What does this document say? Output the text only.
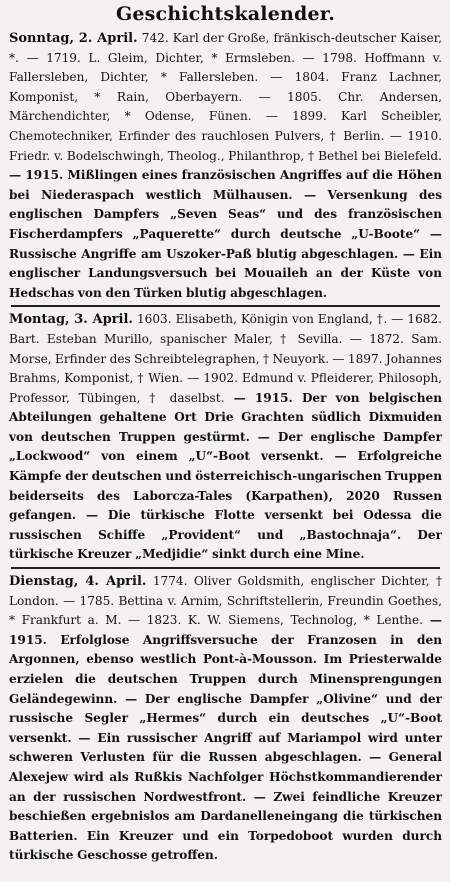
Geschichtskalender.

Sonntag, 2. April. 742. Karl der Große, fränkisch-deutscher Kaiser, *. — 1719. L. Gleim, Dichter, * Ermsleben. — 1798. Hoffmann v. Fallersleben, Dichter, * Fallersleben. — 1804. Franz Lachner, Komponist, * Rain, Oberbayern. — 1805. Chr. Andersen, Märchendichter, * Odense, Fünen. — 1899. Karl Scheibler, Chemotechniker, Erfinder des rauchlosen Pulvers, † Berlin. — 1910. Friedr. v. Bodelschwingh, Theolog., Philanthrop, † Bethel bei Bielefeld. — 1915. Mißlingen eines französischen Angriffes auf die Höhen bei Niederaspach westlich Mülhausen. — Versenkung des englischen Dampfers „Seven Seas“ und des französischen Fischerdampfers „Paquerette“ durch deutsche „U-Boote“ — Russische Angriffe am Uszoker-Paß blutig abgeschlagen. — Ein englischer Landungsversuch bei Mouaileh an der Küste von Hedschas von den Türken blutig abgeschlagen.

Montag, 3. April. 1603. Elisabeth, Königin von England, †. — 1682. Bart. Esteban Murillo, spanischer Maler, † Sevilla. — 1872. Sam. Morse, Erfinder des Schreibtelegraphen, † Neuyork. — 1897. Johannes Brahms, Komponist, † Wien. — 1902. Edmund v. Pfleiderer, Philosoph, Professor, Tübingen, † daselbst. — 1915. Der von belgischen Abteilungen gehaltene Ort Drie Grachten südlich Dixmuiden von deutschen Truppen gestürmt. — Der englische Dampfer „Lockwood“ von einem „U“-Boot versenkt. — Erfolgreiche Kämpfe der deutschen und österreichisch-ungarischen Truppen beiderseits des Laborcza-Tales (Karpathen), 2020 Russen gefangen. — Die türkische Flotte versenkt bei Odessa die russischen Schiffe „Provident“ und „Bastochnaja“. Der türkische Kreuzer „Medjidie“ sinkt durch eine Mine.

Dienstag, 4. April. 1774. Oliver Goldsmith, englischer Dichter, † London. — 1785. Bettina v. Arnim, Schriftstellerin, Freundin Goethes, * Frankfurt a. M. — 1823. K. W. Siemens, Technolog, * Lenthe. — 1915. Erfolglose Angriffsversuche der Franzosen in den Argonnen, ebenso westlich Pont-à-Mousson. Im Priesterwalde erzielen die deutschen Truppen durch Minensprengungen Geländegewinn. — Der englische Dampfer „Olivine“ und der russische Segler „Hermes“ durch ein deutsches „U“-Boot versenkt. — Ein russischer Angriff auf Mariampol wird unter schweren Verlusten für die Russen abgeschlagen. — General Alexejew wird als Rußkis Nachfolger Höchstkommandierender an der russischen Nordwestfront. — Zwei feindliche Kreuzer beschießen ergebnislos am Dardanelleneingang die türkischen Batterien. Ein Kreuzer und ein Torpedoboot wurden durch türkische Geschosse getroffen.
